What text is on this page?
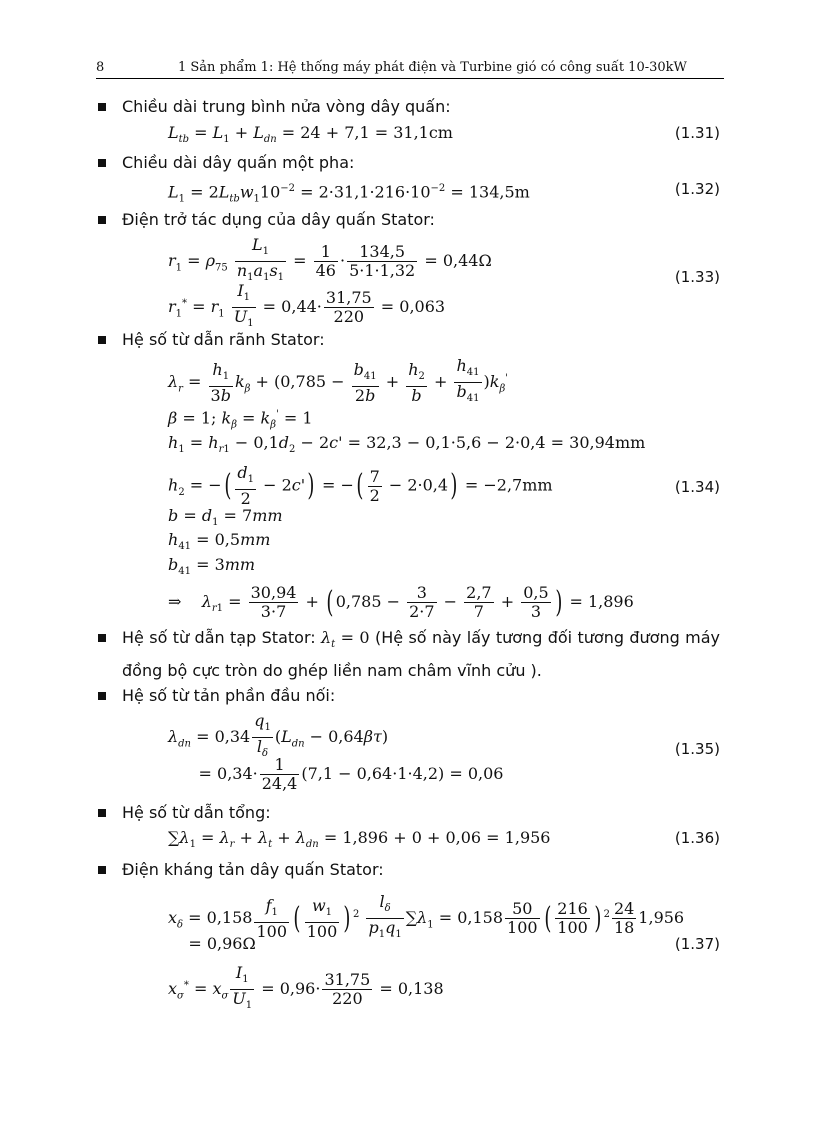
8	1 Sản phẩm 1: Hệ thống máy phát điện và Turbine gió có công suất 10-30kW
Chiều dài trung bình nửa vòng dây quấn:
$L_{tb} = L_1 + L_{dn} = 24 + 7,1 = 31,1cm$	(1.31)
Chiều dài dây quấn một pha:
$L_1 = 2L_{tb}w_110^{-2} = 2\cdot 31,1\cdot 216\cdot 10^{-2} = 134,5m$	(1.32)
Điện trở tác dụng của dây quấn Stator:
$r_1 = \rho_{75} \frac{L_1}{n_1a_1s_1} = \frac{1}{46} \cdot \frac{134,5}{5\cdot 1\cdot 1,32} = 0,44\Omega$
$r_1^* = r_1 \frac{I_1}{U_1} = 0,44\cdot \frac{31,75}{220} = 0,063$
(1.33)
Hệ số từ dẫn rãnh Stator:
$\lambda_r = \frac{h_1}{3b} k_\beta + (0,785 - \frac{b_{41}}{2b} + \frac{h_2}{b} + \frac{h_{41}}{b_{41}} )k_\beta'$
β = 1; $k_\beta = k_\beta' = 1$
$h_1 = h_{r1} - 0,1d_2 - 2c' = 32,3 - 0,1\cdot 5,6 - 2\cdot 0,4 = 30,94mm$
$h_2$ = −( $\frac{d_1}{2} - 2c'$) = −( $\frac{7}{2} - 2\cdot 0,4) = -2,7mm$
$b = d_1 = 7mm$
$h_{41} = 0,5mm$
$b_{41} = 3mm$
⇒    $\lambda_{r1} = \frac{30,94}{3\cdot 7}$ + ( $0,785 - \frac{3}{2\cdot 7} - \frac{2,7}{7} + \frac{0,5}{3}$ ) = 1,896
(1.34)
Hệ số từ dẫn tạp Stator: $\lambda_t = 0$ (Hệ số này lấy tương đối tương đương máy đồng bộ cực tròn do ghép liền nam châm vĩnh cửu ).
Hệ số từ tản phần đầu nối:
$\lambda_{dn} = 0,34 \frac{q_1}{l_\delta} (L_{dn} - 0,64\beta\tau)$
= $0,34\cdot \frac{1}{24,4} (7,1 - 0,64\cdot 1\cdot 4,2) = 0,06$
(1.35)
Hệ số từ dẫn tổng:
$\sum\lambda_1 = \lambda_r + \lambda_t + \lambda_{dn} = 1,896 + 0 + 0,06 = 1,956$	(1.36)
Điện kháng tản dây quấn Stator:
$x_\delta = 0,158 \frac{f_1}{100}$ ( $\frac{w_1}{100}$ ) $^2 \frac{l_\delta}{p_1q_1} \sum\lambda_1 = 0,158 \frac{50}{100}$ ( $\frac{216}{100}$ ) $^2 \frac{24}{18} 1,956$
= 0,96Ω
$x_\sigma^* = x_\sigma \frac{I_1}{U_1} = 0,96\cdot \frac{31,75}{220} = 0,138$
(1.37)
